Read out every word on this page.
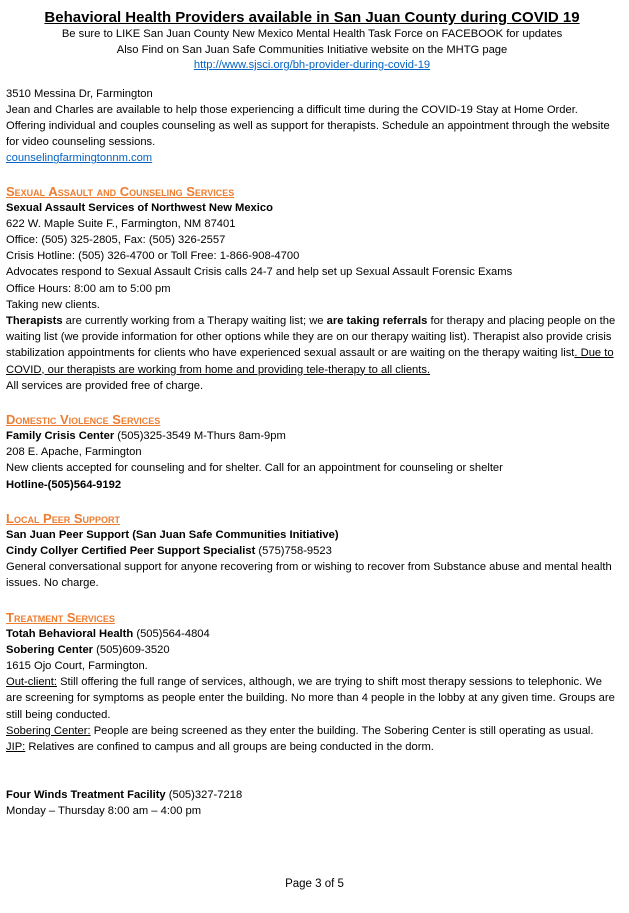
Behavioral Health Providers available in San Juan County during COVID 19
Be sure to LIKE San Juan County New Mexico Mental Health Task Force on FACEBOOK for updates
Also Find on San Juan Safe Communities Initiative website on the MHTG page
http://www.sjsci.org/bh-provider-during-covid-19
3510 Messina Dr, Farmington
Jean and Charles are available to help those experiencing a difficult time during the COVID-19 Stay at Home Order. Offering individual and couples counseling as well as support for therapists. Schedule an appointment through the website for video counseling sessions.
counselingfarmingtonnm.com
Sexual Assault and Counseling Services
Sexual Assault Services of Northwest New Mexico
622 W. Maple Suite F., Farmington, NM 87401
Office: (505) 325-2805, Fax: (505) 326-2557
Crisis Hotline: (505) 326-4700 or Toll Free: 1-866-908-4700
Advocates respond to Sexual Assault Crisis calls 24-7 and help set up Sexual Assault Forensic Exams
Office Hours: 8:00 am to 5:00 pm
Taking new clients.
Therapists are currently working from a Therapy waiting list; we are taking referrals for therapy and placing people on the waiting list (we provide information for other options while they are on our therapy waiting list). Therapist also provide crisis stabilization appointments for clients who have experienced sexual assault or are waiting on the therapy waiting list. Due to COVID, our therapists are working from home and providing tele-therapy to all clients.
All services are provided free of charge.
Domestic Violence Services
Family Crisis Center (505)325-3549 M-Thurs 8am-9pm
208 E. Apache, Farmington
New clients accepted for counseling and for shelter. Call for an appointment for counseling or shelter
Hotline-(505)564-9192
Local Peer Support
San Juan Peer Support (San Juan Safe Communities Initiative)
Cindy Collyer Certified Peer Support Specialist (575)758-9523
General conversational support for anyone recovering from or wishing to recover from Substance abuse and mental health issues. No charge.
Treatment Services
Totah Behavioral Health (505)564-4804
Sobering Center (505)609-3520
1615 Ojo Court, Farmington.
Out-client: Still offering the full range of services, although, we are trying to shift most therapy sessions to telephonic. We are screening for symptoms as people enter the building. No more than 4 people in the lobby at any given time. Groups are still being conducted.
Sobering Center: People are being screened as they enter the building. The Sobering Center is still operating as usual.
JIP: Relatives are confined to campus and all groups are being conducted in the dorm.
Four Winds Treatment Facility (505)327-7218
Monday – Thursday 8:00 am – 4:00 pm
Page 3 of 5
